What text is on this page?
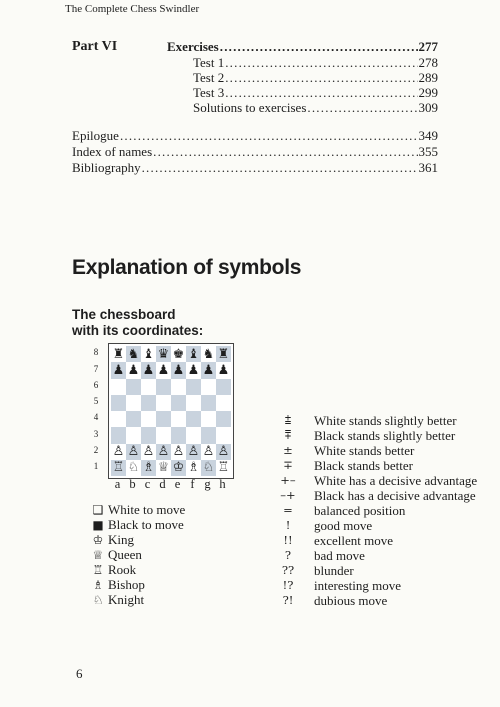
The Complete Chess Swindler
Part VI	Exercises .....	277
Test 1 .....	278
Test 2 .....	289
Test 3 .....	299
Solutions to exercises .....	309
Epilogue .....	349
Index of names .....	355
Bibliography .....	361
Explanation of symbols
The chessboard
with its coordinates:
8
7
6
5
4
3
2
1
♜ ♞ ♝ ♛ ♚ ♝ ♞ ♜
♟ ♟ ♟ ♟ ♟ ♟ ♟ ♟
♙ ♙ ♙ ♙ ♙ ♙ ♙ ♙
♖ ♘ ♗ ♕ ♔ ♗ ♘ ♖
a b c d e f g h
❑ White to move
■ Black to move
♔ King
♕ Queen
♖ Rook
♗ Bishop
♘ Knight
⩲	White stands slightly better
⩱	Black stands slightly better
±	White stands better
∓	Black stands better
+–	White has a decisive advantage
–+	Black has a decisive advantage
=	balanced position
!	good move
!!	excellent move
?	bad move
??	blunder
!?	interesting move
?!	dubious move
6
